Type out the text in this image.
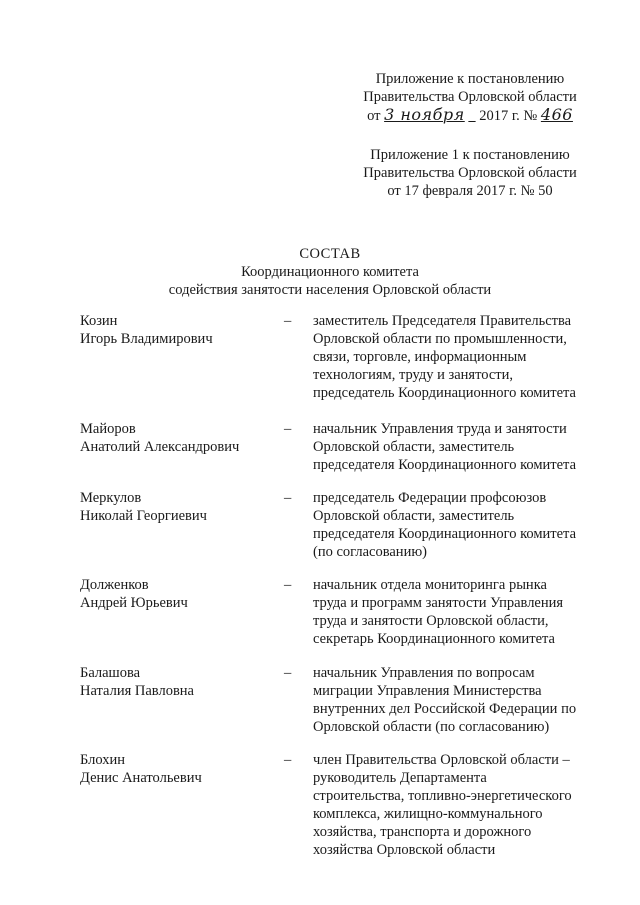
Приложение к постановлению
Правительства Орловской области
от 3 ноября 2017 г. № 466
Приложение 1 к постановлению
Правительства Орловской области
от 17 февраля 2017 г. № 50
СОСТАВ
Координационного комитета
содействия занятости населения Орловской области
Козин
Игорь Владимирович
– заместитель Председателя Правительства
Орловской области по промышленности,
связи, торговле, информационным
технологиям, труду и занятости,
председатель Координационного комитета
Майоров
Анатолий Александрович
– начальник Управления труда и занятости
Орловской области, заместитель
председателя Координационного комитета
Меркулов
Николай Георгиевич
– председатель Федерации профсоюзов
Орловской области, заместитель
председателя Координационного комитета
(по согласованию)
Долженков
Андрей Юрьевич
– начальник отдела мониторинга рынка
труда и программ занятости Управления
труда и занятости Орловской области,
секретарь Координационного комитета
Балашова
Наталия Павловна
– начальник Управления по вопросам
миграции Управления Министерства
внутренних дел Российской Федерации по
Орловской области (по согласованию)
Блохин
Денис Анатольевич
– член Правительства Орловской области –
руководитель Департамента
строительства, топливно-энергетического
комплекса, жилищно-коммунального
хозяйства, транспорта и дорожного
хозяйства Орловской области
